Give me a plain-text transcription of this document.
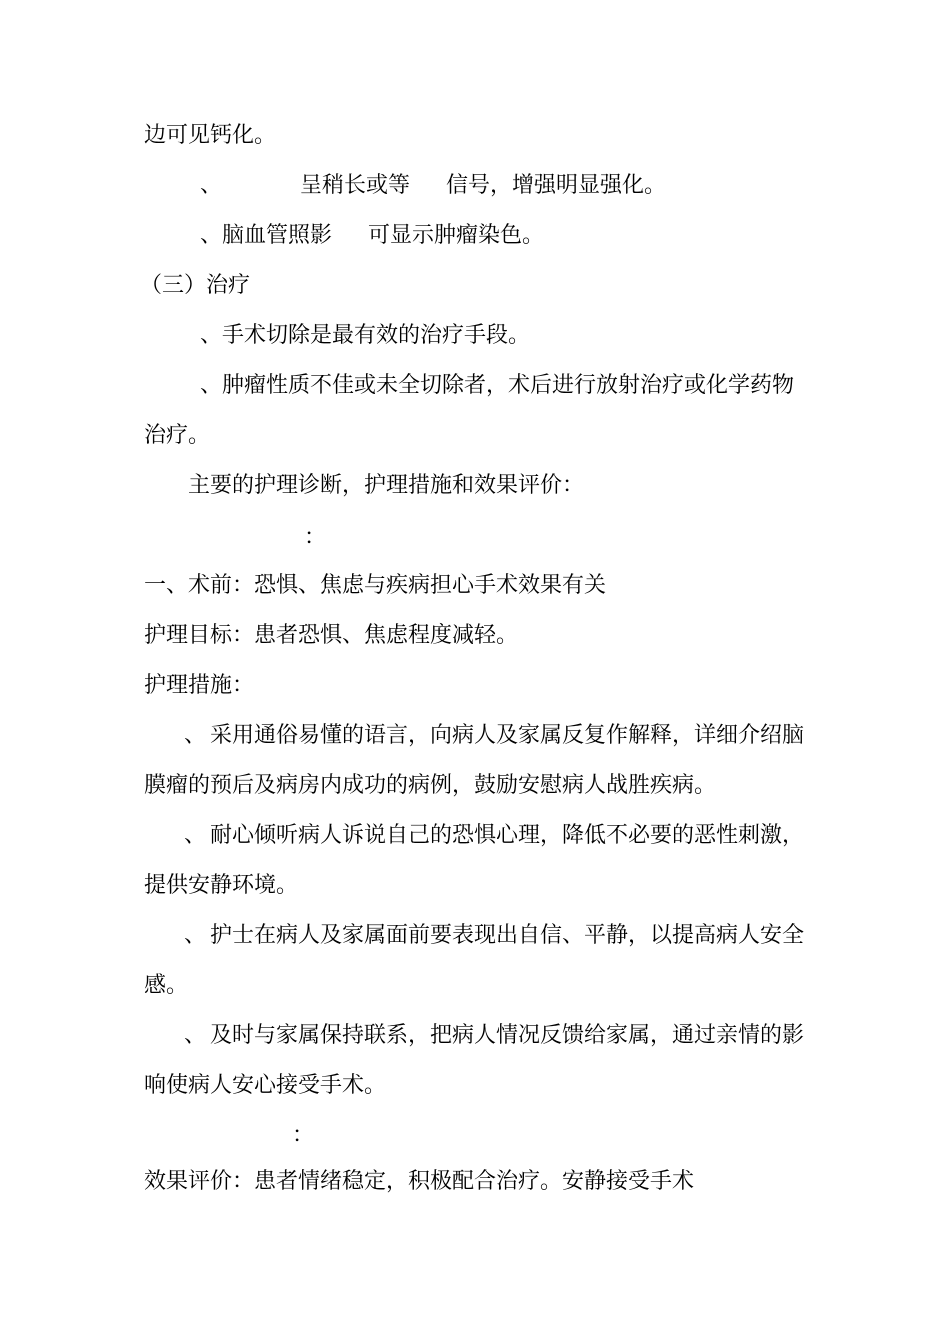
边可见钙化。
、	呈稍长或等 信号，增强明显强化。
、脑血管照影 可显示肿瘤染色。
（三）治疗
、手术切除是最有效的治疗手段。
、肿瘤性质不佳或未全切除者，术后进行放射治疗或化学药物
治疗。
主要的护理诊断，护理措施和效果评价：
：
一、术前：恐惧、焦虑与疾病担心手术效果有关
护理目标：患者恐惧、焦虑程度减轻。
护理措施：
、 采用通俗易懂的语言，向病人及家属反复作解释，详细介绍脑
膜瘤的预后及病房内成功的病例，鼓励安慰病人战胜疾病。
、 耐心倾听病人诉说自己的恐惧心理，降低不必要的恶性刺激，
提供安静环境。
、 护士在病人及家属面前要表现出自信、平静，以提高病人安全
感。
、 及时与家属保持联系，把病人情况反馈给家属，通过亲情的影
响使病人安心接受手术。
：
效果评价：患者情绪稳定，积极配合治疗。安静接受手术
